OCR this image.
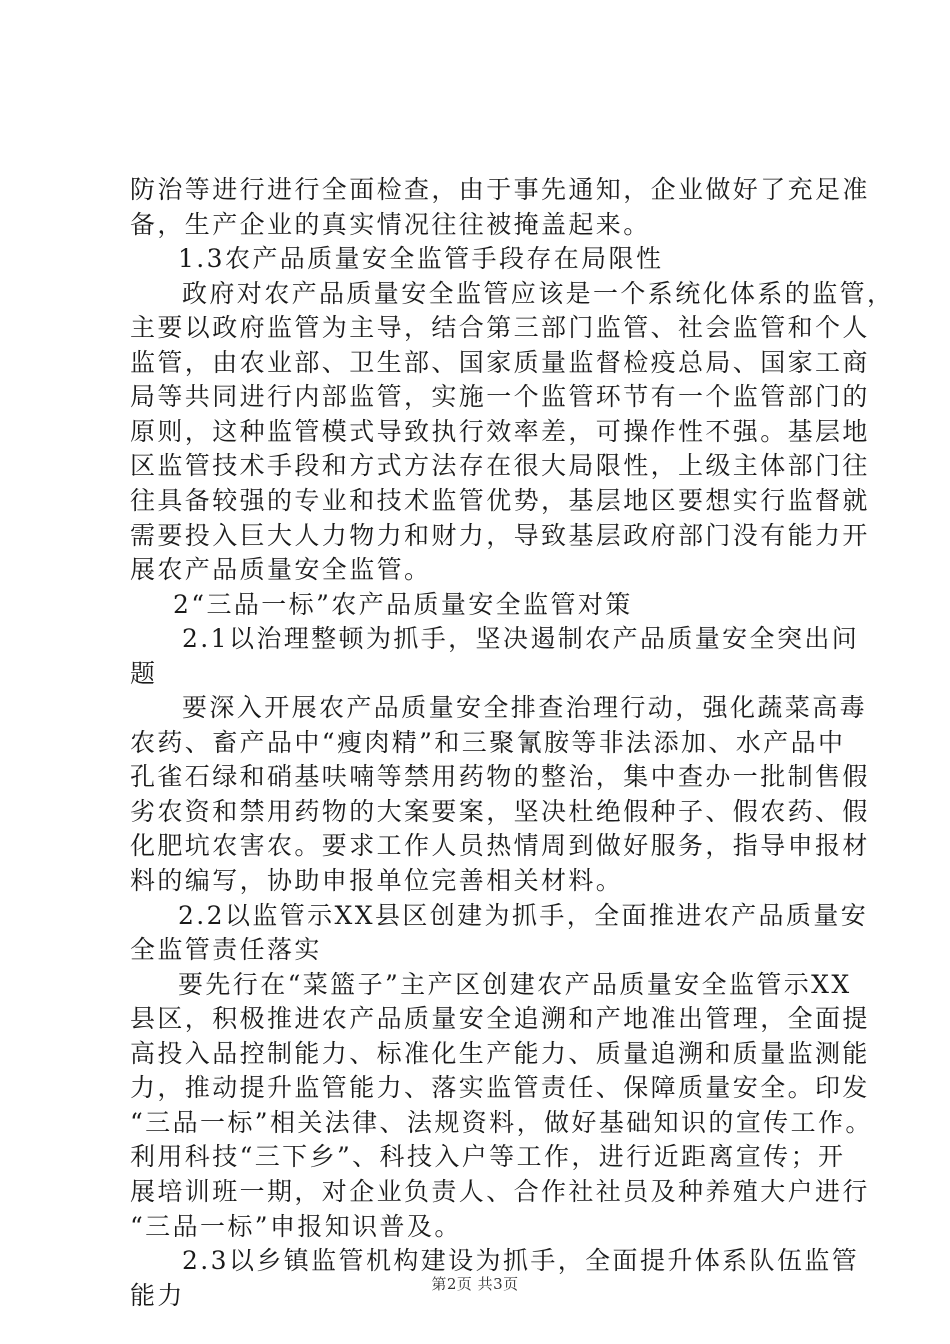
防治等进行进行全面检查，由于事先通知，企业做好了充足准
备，生产企业的真实情况往往被掩盖起来。
1.3农产品质量安全监管手段存在局限性
政府对农产品质量安全监管应该是一个系统化体系的监管，
主要以政府监管为主导，结合第三部门监管、社会监管和个人
监管，由农业部、卫生部、国家质量监督检疫总局、国家工商
局等共同进行内部监管，实施一个监管环节有一个监管部门的
原则，这种监管模式导致执行效率差，可操作性不强。基层地
区监管技术手段和方式方法存在很大局限性，上级主体部门往
往具备较强的专业和技术监管优势，基层地区要想实行监督就
需要投入巨大人力物力和财力，导致基层政府部门没有能力开
展农产品质量安全监管。
2“三品一标”农产品质量安全监管对策
2.1以治理整顿为抓手，坚决遏制农产品质量安全突出问
题
要深入开展农产品质量安全排查治理行动，强化蔬菜高毒
农药、畜产品中“瘦肉精”和三聚氰胺等非法添加、水产品中
孔雀石绿和硝基呋喃等禁用药物的整治，集中查办一批制售假
劣农资和禁用药物的大案要案，坚决杜绝假种子、假农药、假
化肥坑农害农。要求工作人员热情周到做好服务，指导申报材
料的编写，协助申报单位完善相关材料。
2.2以监管示XX县区创建为抓手，全面推进农产品质量安
全监管责任落实
要先行在“菜篮子”主产区创建农产品质量安全监管示XX
县区，积极推进农产品质量安全追溯和产地准出管理，全面提
高投入品控制能力、标准化生产能力、质量追溯和质量监测能
力，推动提升监管能力、落实监管责任、保障质量安全。印发
“三品一标”相关法律、法规资料，做好基础知识的宣传工作。
利用科技“三下乡”、科技入户等工作，进行近距离宣传；开
展培训班一期，对企业负责人、合作社社员及种养殖大户进行
“三品一标”申报知识普及。
2.3以乡镇监管机构建设为抓手，全面提升体系队伍监管
能力	第2页 共3页
